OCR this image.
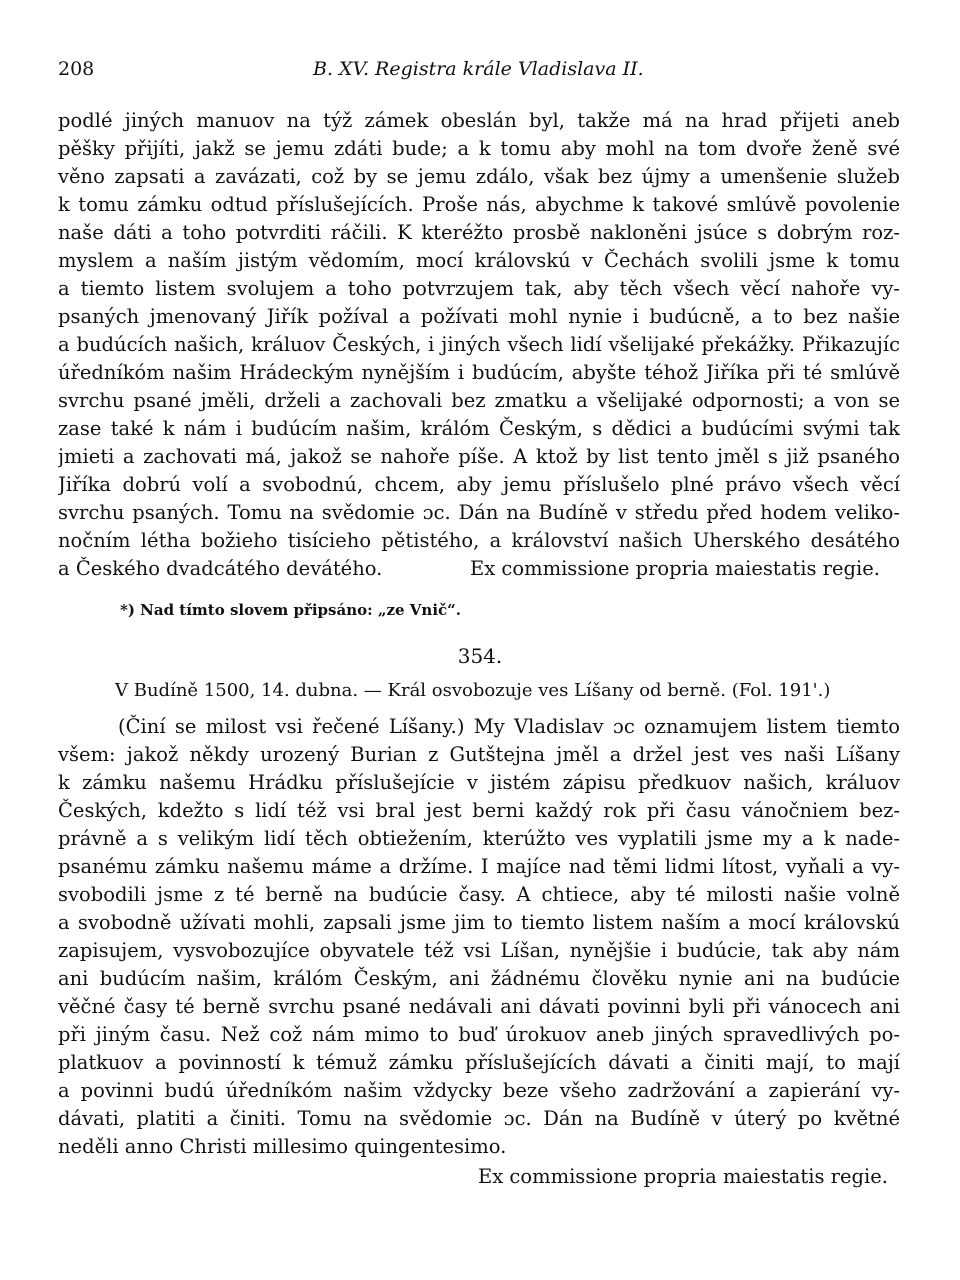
208	B. XV. Registra krále Vladislava II.
podlé jiných manuov na týž zámek obeslán byl, takže má na hrad přijeti aneb
pěšky přijíti, jakž se jemu zdáti bude; a k tomu aby mohl na tom dvoře ženě své
věno zapsati a zavázati, což by se jemu zdálo, však bez újmy a umenšenie služeb
k tomu zámku odtud příslušejících. Proše nás, abychme k takové smlúvě povolenie
naše dáti a toho potvrditi ráčili. K kteréžto prosbě nakloněni jsúce s dobrým roz-
myslem a naším jistým vědomím, mocí královskú v Čechách svolili jsme k tomu
a tiemto listem svolujem a toho potvrzujem tak, aby těch všech věcí nahoře vy-
psaných jmenovaný Jiřík požíval a požívati mohl nynie i budúcně, a to bez našie
a budúcích našich, králuov Českých, i jiných všech lidí všelijaké překážky. Přikazujíc
úředníkóm našim Hrádeckým nynějším i budúcím, abyšte téhož Jiříka při té smlúvě
svrchu psané jměli, drželi a zachovali bez zmatku a všelijaké odpornosti; a von se
zase také k nám i budúcím našim, králóm Českým, s dědici a budúcími svými tak
jmieti a zachovati má, jakož se nahoře píše. A ktož by list tento jměl s již psaného
Jiříka dobrú volí a svobodnú, chcem, aby jemu příslušelo plné právo všech věcí
svrchu psaných. Tomu na svědomie ɔc. Dán na Budíně v středu před hodem veliko-
nočním létha božieho tisícieho pětistého, a království našich Uherského desátého
a Českého dvadcátého devátého.	Ex commissione propria maiestatis regie.
*) Nad tímto slovem připsáno: „ze Vnič“.
354.
V Budíně 1500, 14. dubna. — Král osvobozuje ves Líšany od berně. (Fol. 191'.)
(Činí se milost vsi řečené Líšany.) My Vladislav ɔc oznamujem listem tiemto
všem: jakož někdy urozený Burian z Gutštejna jměl a držel jest ves naši Líšany
k zámku našemu Hrádku příslušejície v jistém zápisu předkuov našich, králuov
Českých, kdežto s lidí též vsi bral jest berni každý rok při času vánočniem bez-
právně a s velikým lidí těch obtiežením, kterúžto ves vyplatili jsme my a k nade-
psanému zámku našemu máme a držíme. I majíce nad těmi lidmi lítost, vyňali a vy-
svobodili jsme z té berně na budúcie časy. A chtiece, aby té milosti našie volně
a svobodně užívati mohli, zapsali jsme jim to tiemto listem naším a mocí královskú
zapisujem, vysvobozujíce obyvatele též vsi Líšan, nynějšie i budúcie, tak aby nám
ani budúcím našim, králóm Českým, ani žádnému člověku nynie ani na budúcie
věčné časy té berně svrchu psané nedávali ani dávati povinni byli při vánocech ani
při jiným času. Než což nám mimo to buď úrokuov aneb jiných spravedlivých po-
platkuov a povinností k témuž zámku příslušejících dávati a činiti mají, to mají
a povinni budú úředníkóm našim vždycky beze všeho zadržování a zapierání vy-
dávati, platiti a činiti. Tomu na svědomie ɔc. Dán na Budíně v úterý po květné
neděli anno Christi millesimo quingentesimo.
Ex commissione propria maiestatis regie.
